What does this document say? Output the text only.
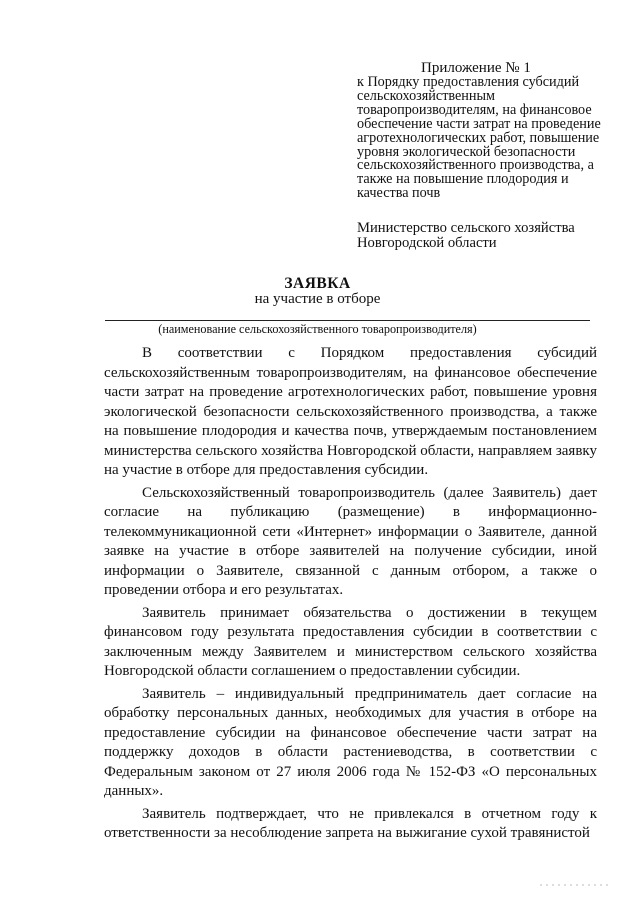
Приложение № 1
к Порядку предоставления субсидий сельскохозяйственным товаропроизводителям, на финансовое обеспечение части затрат на проведение агротехнологических работ, повышение уровня экологической безопасности сельскохозяйственного производства, а также на повышение плодородия и качества почв
Министерство сельского хозяйства Новгородской области
ЗАЯВКА
на участие в отборе
(наименование сельскохозяйственного товаропроизводителя)

В соответствии с Порядком предоставления субсидий сельскохозяйственным товаропроизводителям, на финансовое обеспечение части затрат на проведение агротехнологических работ, повышение уровня экологической безопасности сельскохозяйственного производства, а также на повышение плодородия и качества почв, утверждаемым постановлением министерства сельского хозяйства Новгородской области, направляем заявку на участие в отборе для предоставления субсидии.

Сельскохозяйственный товаропроизводитель (далее Заявитель) дает согласие на публикацию (размещение) в информационно-телекоммуникационной сети «Интернет» информации о Заявителе, данной заявке на участие в отборе заявителей на получение субсидии, иной информации о Заявителе, связанной с данным отбором, а также о проведении отбора и его результатах.

Заявитель принимает обязательства о достижении в текущем финансовом году результата предоставления субсидии в соответствии с заключенным между Заявителем и министерством сельского хозяйства Новгородской области соглашением о предоставлении субсидии.

Заявитель – индивидуальный предприниматель дает согласие на обработку персональных данных, необходимых для участия в отборе на предоставление субсидии на финансовое обеспечение части затрат на поддержку доходов в области растениеводства, в соответствии с Федеральным законом от 27 июля 2006 года № 152-ФЗ «О персональных данных».

Заявитель подтверждает, что не привлекался в отчетном году к ответственности за несоблюдение запрета на выжигание сухой травянистой
